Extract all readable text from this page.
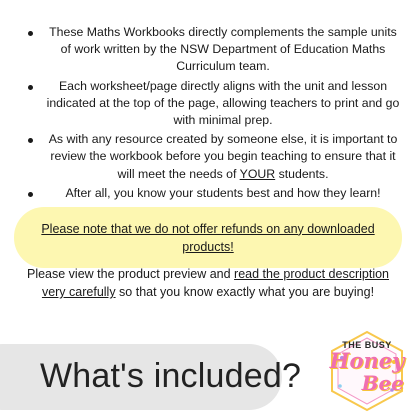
These Maths Workbooks directly complements the sample units of work written by the NSW Department of Education Maths Curriculum team.
Each worksheet/page directly aligns with the unit and lesson indicated at the top of the page, allowing teachers to print and go with minimal prep.
As with any resource created by someone else, it is important to review the workbook before you begin teaching to ensure that it will meet the needs of YOUR students.
After all, you know your students best and how they learn!
Please note that we do not offer refunds on any downloaded products!
Please view the product preview and read the product description very carefully so that you know exactly what you are buying!
What's included?
THE BUSY
Honey
Bee
